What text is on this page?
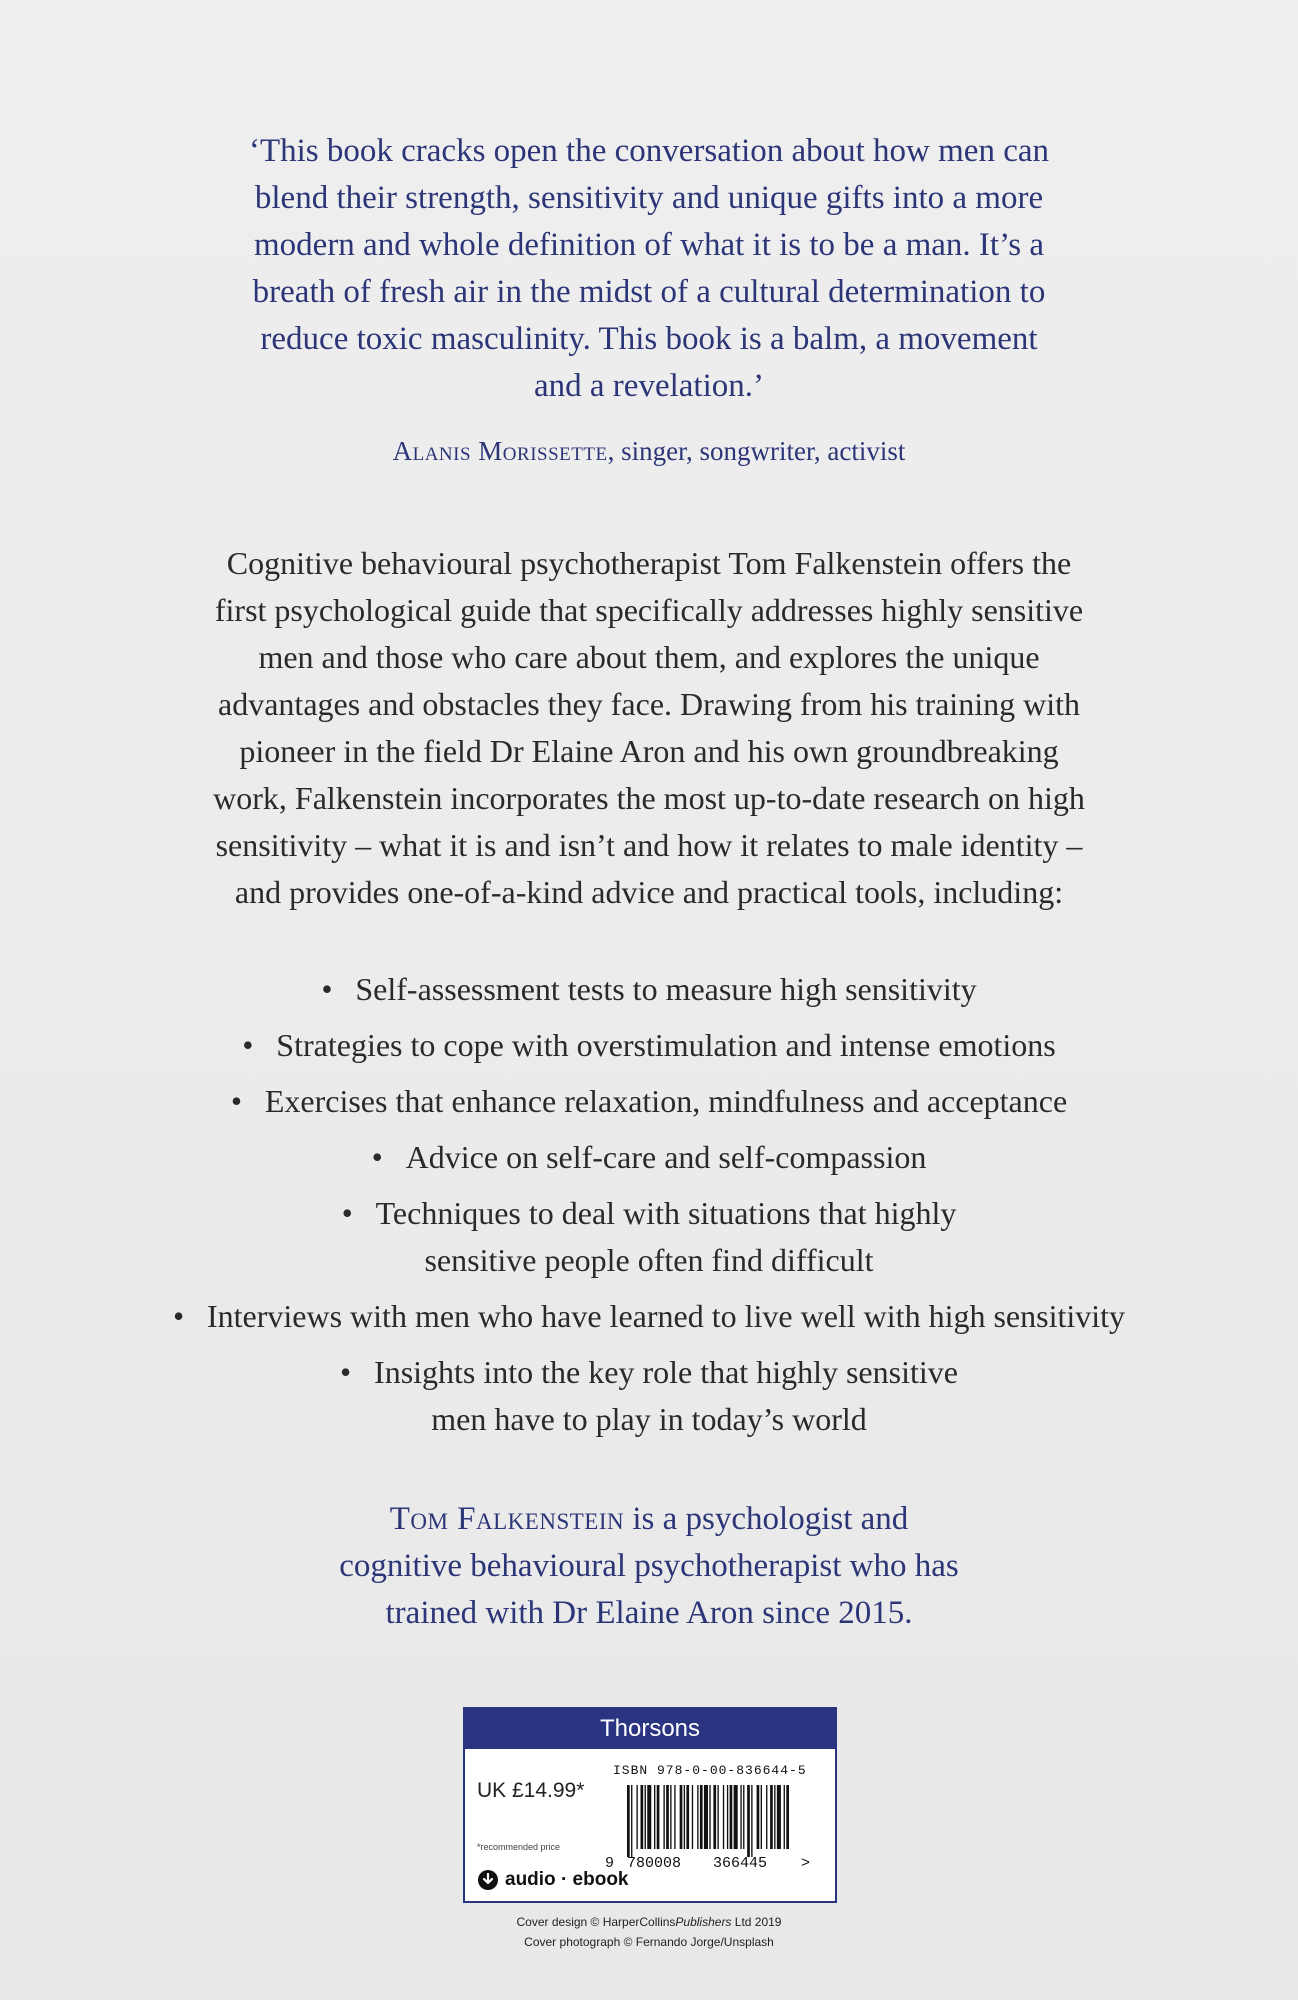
‘This book cracks open the conversation about how men can
blend their strength, sensitivity and unique gifts into a more
modern and whole definition of what it is to be a man. It’s a
breath of fresh air in the midst of a cultural determination to
reduce toxic masculinity. This book is a balm, a movement
and a revelation.’
Alanis Morissette, singer, songwriter, activist
Cognitive behavioural psychotherapist Tom Falkenstein offers the
first psychological guide that specifically addresses highly sensitive
men and those who care about them, and explores the unique
advantages and obstacles they face. Drawing from his training with
pioneer in the field Dr Elaine Aron and his own groundbreaking
work, Falkenstein incorporates the most up-to-date research on high
sensitivity – what it is and isn’t and how it relates to male identity –
and provides one-of-a-kind advice and practical tools, including:
• Self-assessment tests to measure high sensitivity
• Strategies to cope with overstimulation and intense emotions
• Exercises that enhance relaxation, mindfulness and acceptance
• Advice on self-care and self-compassion
• Techniques to deal with situations that highly
sensitive people often find difficult
• Interviews with men who have learned to live well with high sensitivity
• Insights into the key role that highly sensitive
men have to play in today’s world
Tom Falkenstein is a psychologist and
cognitive behavioural psychotherapist who has
trained with Dr Elaine Aron since 2015.
Thorsons
UK £14.99*
*recommended price
audio · ebook
ISBN 978-0-00-836644-5
9 780008 366445 >
Cover design © HarperCollinsPublishers Ltd 2019
Cover photograph © Fernando Jorge/Unsplash
